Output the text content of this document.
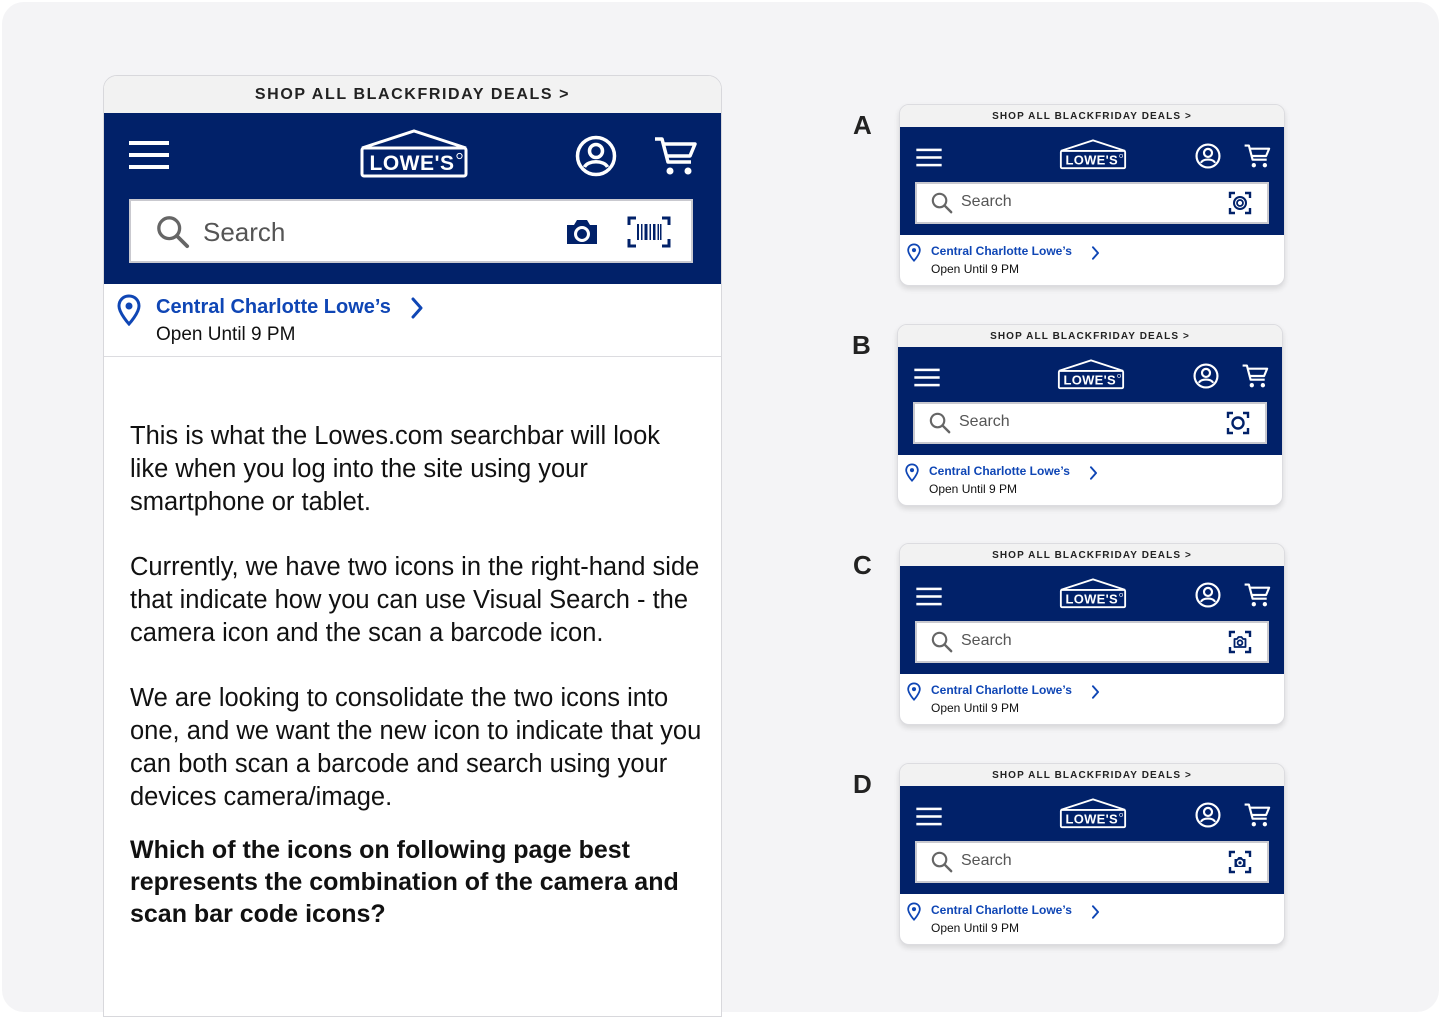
SHOP ALL BLACKFRIDAY DEALS >
Search
Central Charlotte Lowe’s
Open Until 9 PM

This is what the Lowes.com searchbar will look like when you log into the site using your smartphone or tablet.

Currently, we have two icons in the right-hand side that indicate how you can use Visual Search - the camera icon and the scan a barcode icon.

We are looking to consolidate the two icons into one, and we want the new icon to indicate that you can both scan a barcode and search using your devices camera/image.

Which of the icons on following page best represents the combination of the camera and scan bar code icons?

A	SHOP ALL BLACKFRIDAY DEALS >
Search
Central Charlotte Lowe’s
Open Until 9 PM
B	SHOP ALL BLACKFRIDAY DEALS >
Search
Central Charlotte Lowe’s
Open Until 9 PM
C	SHOP ALL BLACKFRIDAY DEALS >
Search
Central Charlotte Lowe’s
Open Until 9 PM
D	SHOP ALL BLACKFRIDAY DEALS >
Search
Central Charlotte Lowe’s
Open Until 9 PM
